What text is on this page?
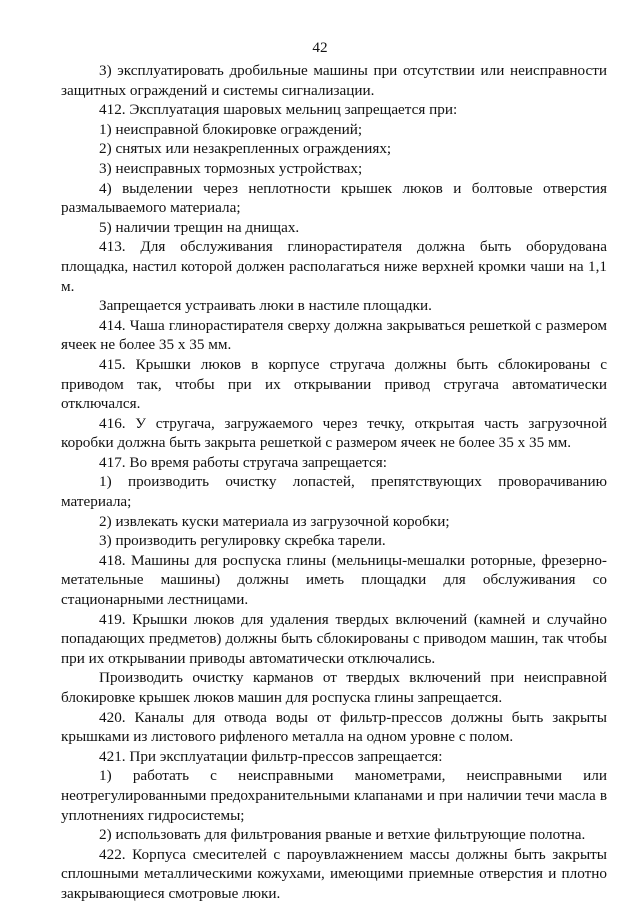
42

3) эксплуатировать дробильные машины при отсутствии или неисправности защитных ограждений и системы сигнализации.

412. Эксплуатация шаровых мельниц запрещается при:

1) неисправной блокировке ограждений;

2) снятых или незакрепленных ограждениях;

3) неисправных тормозных устройствах;

4) выделении через неплотности крышек люков и болтовые отверстия размалываемого материала;

5) наличии трещин на днищах.

413. Для обслуживания глинорастирателя должна быть оборудована площадка, настил которой должен располагаться ниже верхней кромки чаши на 1,1 м.

Запрещается устраивать люки в настиле площадки.

414. Чаша глинорастирателя сверху должна закрываться решеткой с размером ячеек не более 35 х 35 мм.

415. Крышки люков в корпусе стругача должны быть сблокированы с приводом так, чтобы при их открывании привод стругача автоматически отключался.

416. У стругача, загружаемого через течку, открытая часть загрузочной коробки должна быть закрыта решеткой с размером ячеек не более 35 х 35 мм.

417. Во время работы стругача запрещается:

1) производить очистку лопастей, препятствующих проворачиванию материала;

2) извлекать куски материала из загрузочной коробки;

3) производить регулировку скребка тарели.

418. Машины для роспуска глины (мельницы-мешалки роторные, фрезерно-метательные машины) должны иметь площадки для обслуживания со стационарными лестницами.

419. Крышки люков для удаления твердых включений (камней и случайно попадающих предметов) должны быть сблокированы с приводом машин, так чтобы при их открывании приводы автоматически отключались.

Производить очистку карманов от твердых включений при неисправной блокировке крышек люков машин для роспуска глины запрещается.

420. Каналы для отвода воды от фильтр-прессов должны быть закрыты крышками из листового рифленого металла на одном уровне с полом.

421. При эксплуатации фильтр-прессов запрещается:

1) работать с неисправными манометрами, неисправными или неотрегулированными предохранительными клапанами и при наличии течи масла в уплотнениях гидросистемы;

2) использовать для фильтрования рваные и ветхие фильтрующие полотна.

422. Корпуса смесителей с пароувлажнением массы должны быть закрыты сплошными металлическими кожухами, имеющими приемные отверстия и плотно закрывающиеся смотровые люки.
